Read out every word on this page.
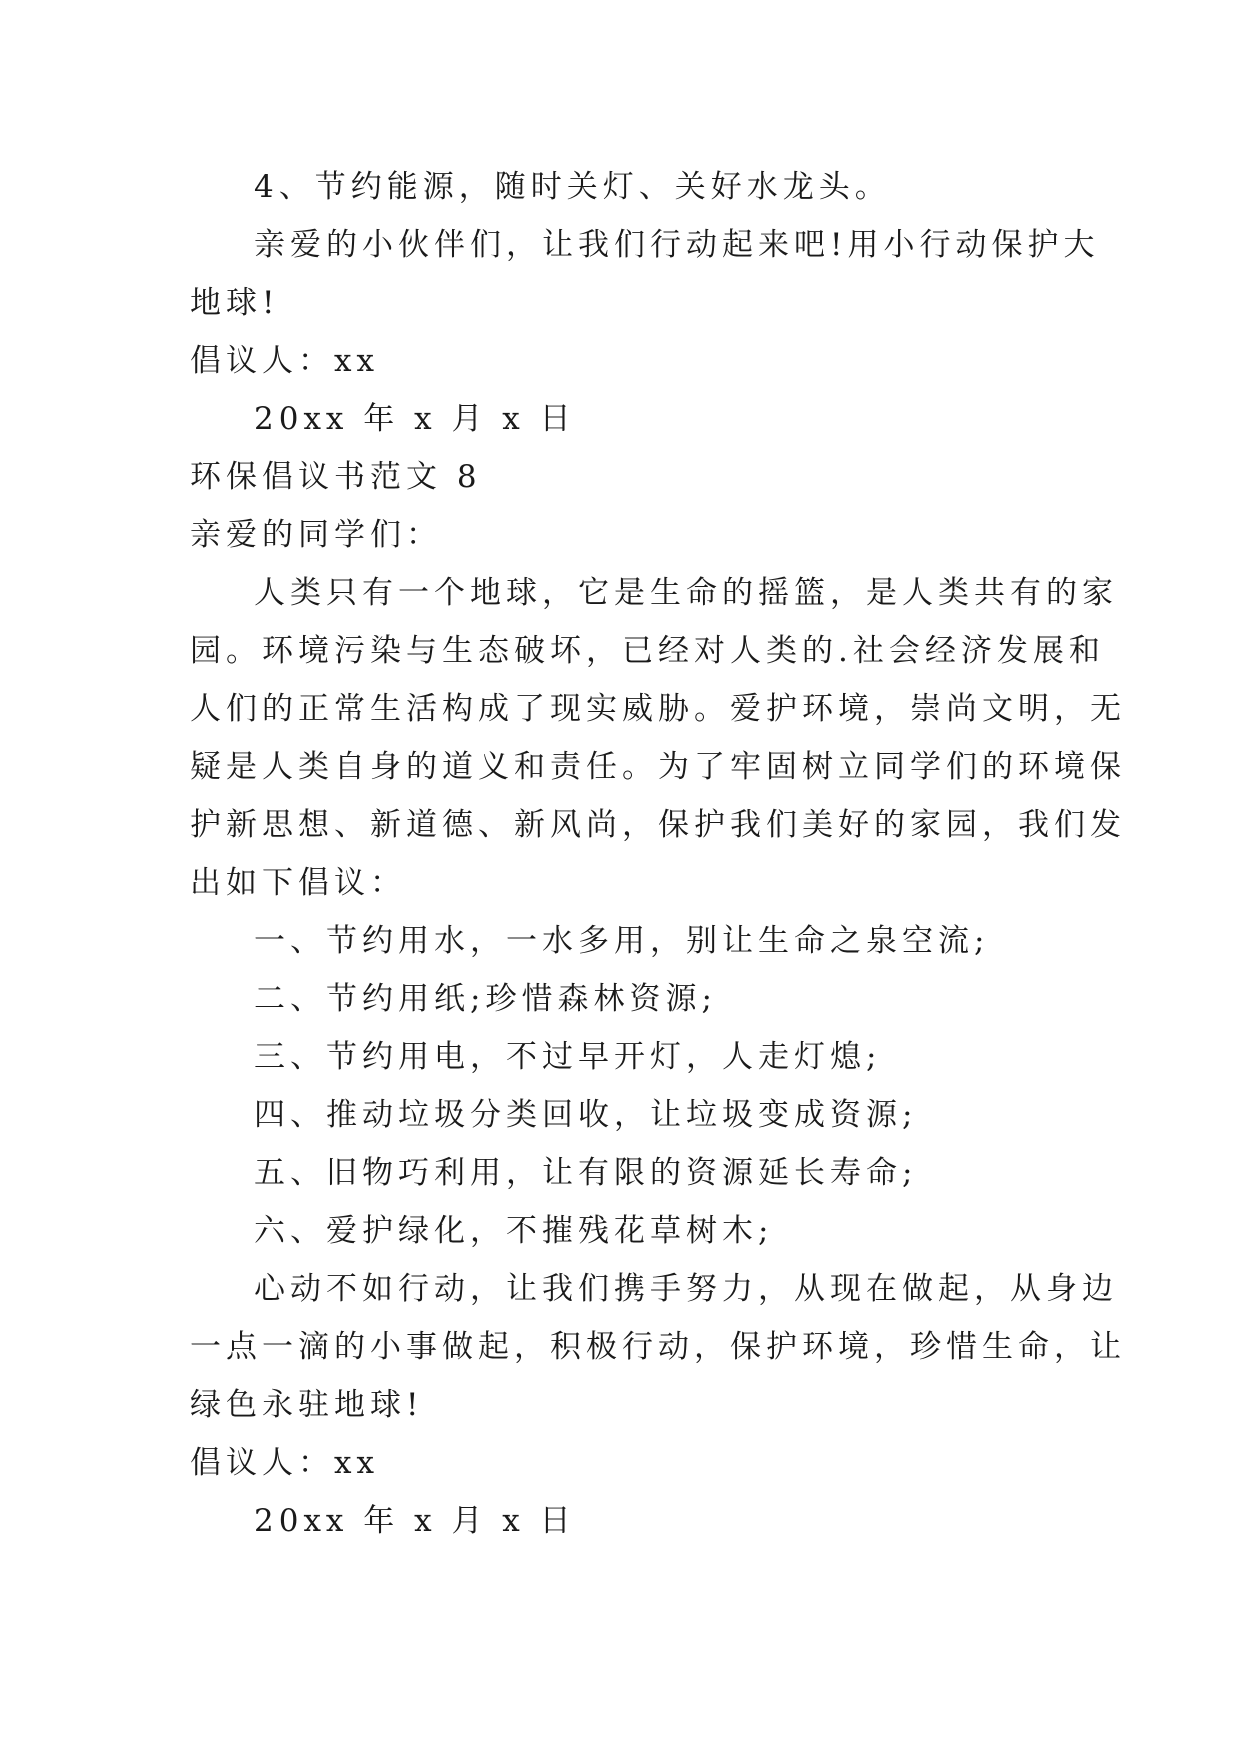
4、节约能源，随时关灯、关好水龙头。
亲爱的小伙伴们，让我们行动起来吧!用小行动保护大
地球!
倡议人：xx
20xx 年 x 月 x 日
环保倡议书范文 8
亲爱的同学们：
人类只有一个地球，它是生命的摇篮，是人类共有的家
园。环境污染与生态破坏，已经对人类的.社会经济发展和
人们的正常生活构成了现实威胁。爱护环境，崇尚文明，无
疑是人类自身的道义和责任。为了牢固树立同学们的环境保
护新思想、新道德、新风尚，保护我们美好的家园，我们发
出如下倡议：
一、节约用水，一水多用，别让生命之泉空流;
二、节约用纸;珍惜森林资源;
三、节约用电，不过早开灯，人走灯熄;
四、推动垃圾分类回收，让垃圾变成资源;
五、旧物巧利用，让有限的资源延长寿命;
六、爱护绿化，不摧残花草树木;
心动不如行动，让我们携手努力，从现在做起，从身边
一点一滴的小事做起，积极行动，保护环境，珍惜生命，让
绿色永驻地球!
倡议人：xx
20xx 年 x 月 x 日
